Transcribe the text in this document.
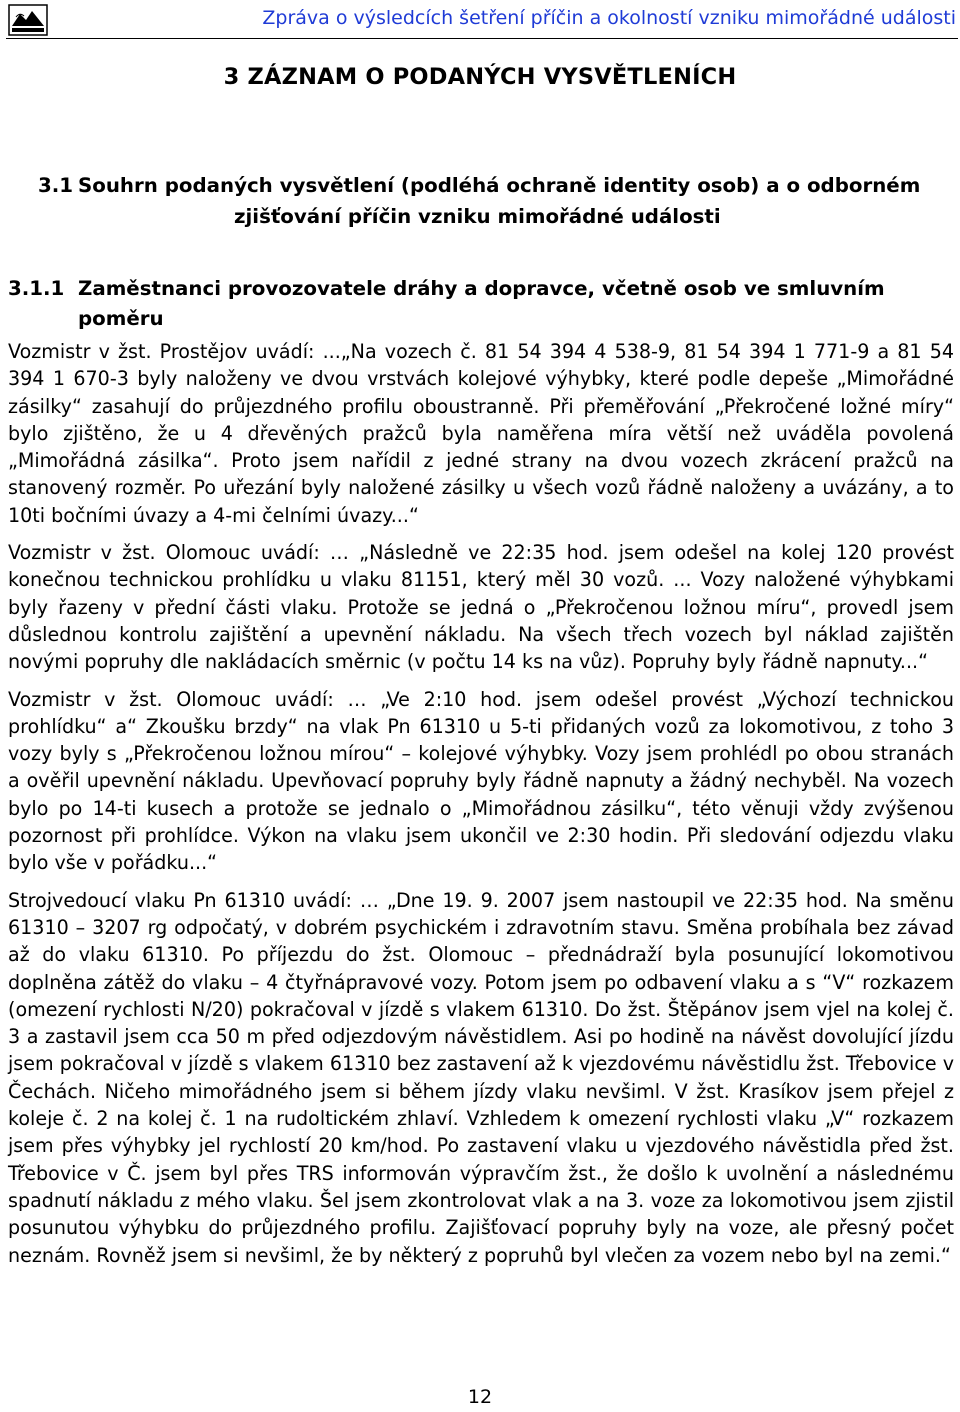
Zpráva o výsledcích šetření příčin a okolností vzniku mimořádné události
3 ZÁZNAM O PODANÝCH VYSVĚTLENÍCH
3.1 Souhrn podaných vysvětlení (podléhá ochraně identity osob) a o odborném
zjišťování příčin vzniku mimořádné události
3.1.1 Zaměstnanci provozovatele dráhy a dopravce, včetně osob ve smluvním
poměru

Vozmistr v žst. Prostějov uvádí: ...„Na vozech č. 81 54 394 4 538-9, 81 54 394 1 771-9 a 81 54 394 1 670-3 byly naloženy ve dvou vrstvách kolejové výhybky, které podle depeše „Mimořádné zásilky“ zasahují do průjezdného profilu oboustranně. Při přeměřování „Překročené ložné míry“ bylo zjištěno, že u 4 dřevěných pražců byla naměřena míra větší než uváděla povolená „Mimořádná zásilka“. Proto jsem nařídil z jedné strany na dvou vozech zkrácení pražců na stanovený rozměr. Po uřezání byly naložené zásilky u všech vozů řádně naloženy a uvázány, a to 10ti bočními úvazy a 4-mi čelními úvazy...“

Vozmistr v žst. Olomouc uvádí: … „Následně ve 22:35 hod. jsem odešel na kolej 120 provést konečnou technickou prohlídku u vlaku 81151, který měl 30 vozů. ... Vozy naložené výhybkami byly řazeny v přední části vlaku. Protože se jedná o „Překročenou ložnou míru“, provedl jsem důslednou kontrolu zajištění a upevnění nákladu. Na všech třech vozech byl náklad zajištěn novými popruhy dle nakládacích směrnic (v počtu 14 ks na vůz). Popruhy byly řádně napnuty...“

Vozmistr v žst. Olomouc uvádí: … „Ve 2:10 hod. jsem odešel provést „Výchozí technickou prohlídku“ a“ Zkoušku brzdy“ na vlak Pn 61310 u 5-ti přidaných vozů za lokomotivou, z toho 3 vozy byly s „Překročenou ložnou mírou“ – kolejové výhybky. Vozy jsem prohlédl po obou stranách a ověřil upevnění nákladu. Upevňovací popruhy byly řádně napnuty a žádný nechyběl. Na vozech bylo po 14-ti kusech a protože se jednalo o „Mimořádnou zásilku“, této věnuji vždy zvýšenou pozornost při prohlídce. Výkon na vlaku jsem ukončil ve 2:30 hodin. Při sledování odjezdu vlaku bylo vše v pořádku...“

Strojvedoucí vlaku Pn 61310 uvádí: … „Dne 19. 9. 2007 jsem nastoupil ve 22:35 hod. Na směnu 61310 – 3207 rg odpočatý, v dobrém psychickém i zdravotním stavu. Směna probíhala bez závad až do vlaku 61310. Po příjezdu do žst. Olomouc – přednádraží byla posunující lokomotivou doplněna zátěž do vlaku – 4 čtyřnápravové vozy. Potom jsem po odbavení vlaku a s “V“ rozkazem (omezení rychlosti N/20) pokračoval v jízdě s vlakem 61310. Do žst. Štěpánov jsem vjel na kolej č. 3 a zastavil jsem cca 50 m před odjezdovým návěstidlem. Asi po hodině na návěst dovolující jízdu jsem pokračoval v jízdě s vlakem 61310 bez zastavení až k vjezdovému návěstidlu žst. Třebovice v Čechách. Ničeho mimořádného jsem si během jízdy vlaku nevšiml. V žst. Krasíkov jsem přejel z koleje č. 2 na kolej č. 1 na rudoltickém zhlaví. Vzhledem k omezení rychlosti vlaku „V“ rozkazem jsem přes výhybky jel rychlostí 20 km/hod. Po zastavení vlaku u vjezdového návěstidla před žst. Třebovice v Č. jsem byl přes TRS informován výpravčím žst., že došlo k uvolnění a následnému spadnutí nákladu z mého vlaku. Šel jsem zkontrolovat vlak a na 3. voze za lokomotivou jsem zjistil posunutou výhybku do průjezdného profilu. Zajišťovací popruhy byly na voze, ale přesný počet neznám. Rovněž jsem si nevšiml, že by některý z popruhů byl vlečen za vozem nebo byl na zemi.“

12
